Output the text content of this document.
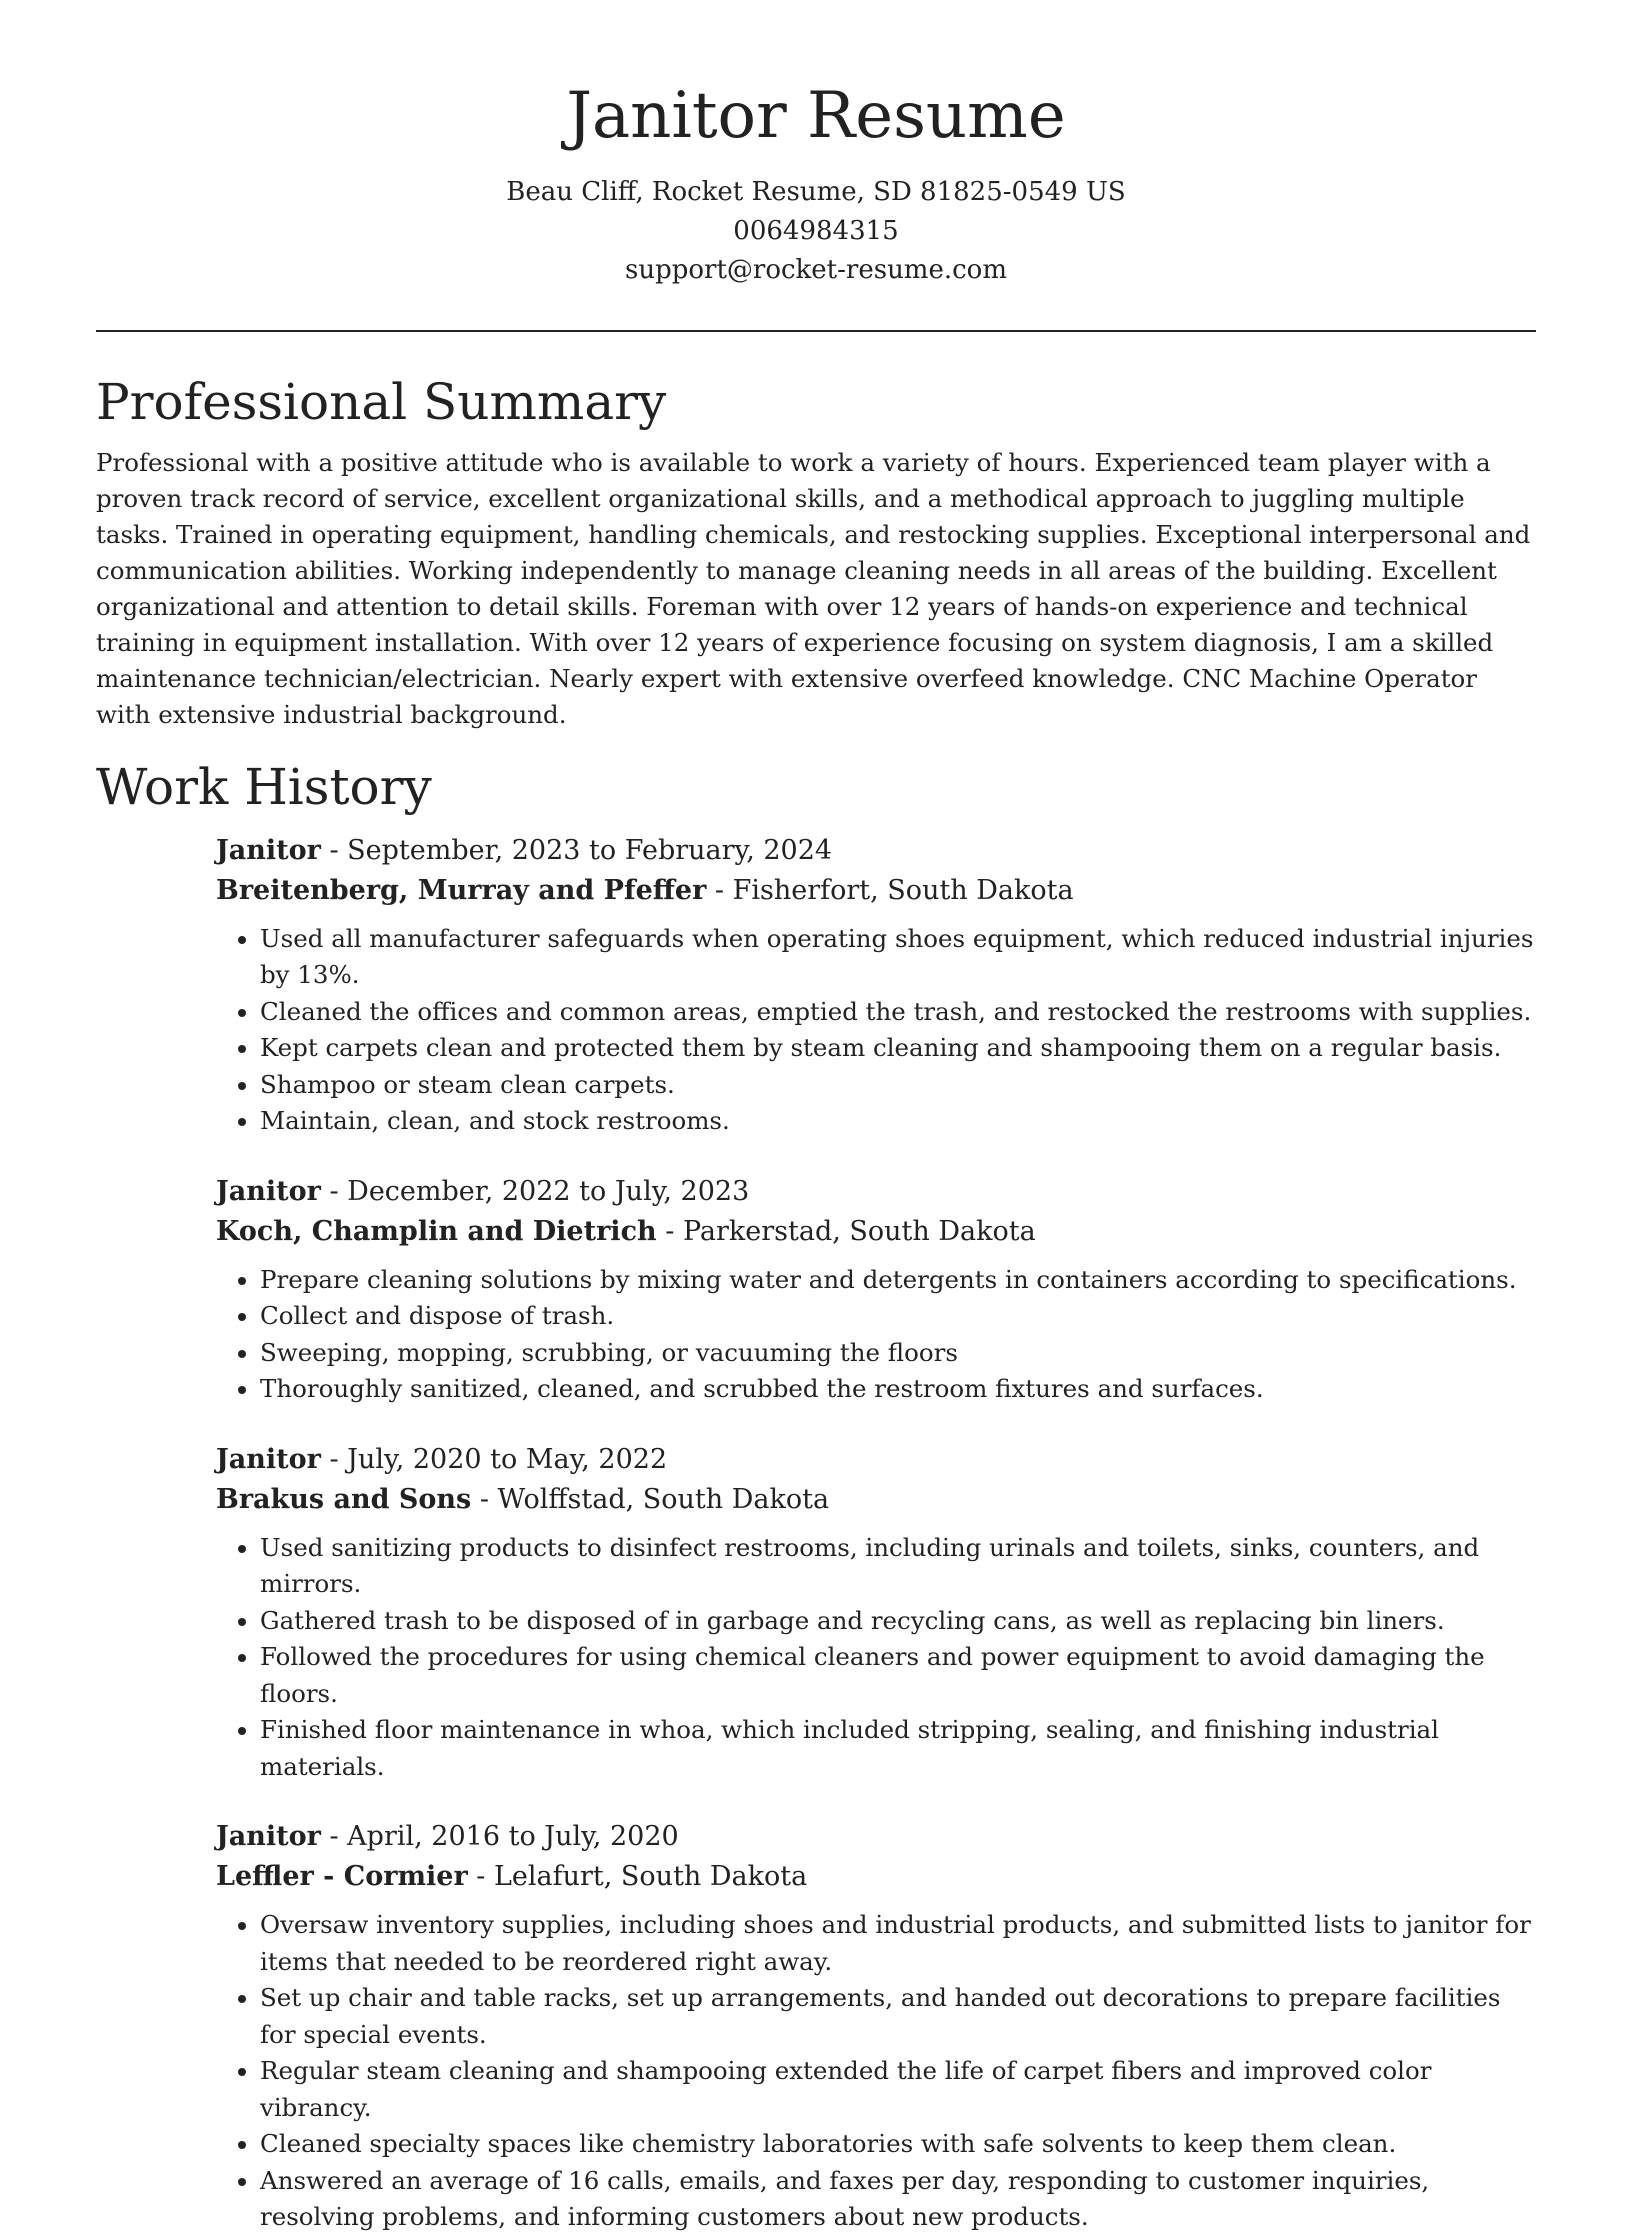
Janitor Resume
Beau Cliff, Rocket Resume, SD 81825-0549 US
0064984315
support@rocket-resume.com
Professional Summary

Professional with a positive attitude who is available to work a variety of hours. Experienced team player with a proven track record of service, excellent organizational skills, and a methodical approach to juggling multiple tasks. Trained in operating equipment, handling chemicals, and restocking supplies. Exceptional interpersonal and communication abilities. Working independently to manage cleaning needs in all areas of the building. Excellent organizational and attention to detail skills. Foreman with over 12 years of hands-on experience and technical training in equipment installation. With over 12 years of experience focusing on system diagnosis, I am a skilled maintenance technician/electrician. Nearly expert with extensive overfeed knowledge. CNC Machine Operator with extensive industrial background.

Work History

Janitor - September, 2023 to February, 2024

Breitenberg, Murray and Pfeffer - Fisherfort, South Dakota

• Used all manufacturer safeguards when operating shoes equipment, which reduced industrial injuries by 13%.
• Cleaned the offices and common areas, emptied the trash, and restocked the restrooms with supplies.
• Kept carpets clean and protected them by steam cleaning and shampooing them on a regular basis.
• Shampoo or steam clean carpets.
• Maintain, clean, and stock restrooms.

Janitor - December, 2022 to July, 2023

Koch, Champlin and Dietrich - Parkerstad, South Dakota

• Prepare cleaning solutions by mixing water and detergents in containers according to specifications.
• Collect and dispose of trash.
• Sweeping, mopping, scrubbing, or vacuuming the floors
• Thoroughly sanitized, cleaned, and scrubbed the restroom fixtures and surfaces.

Janitor - July, 2020 to May, 2022

Brakus and Sons - Wolffstad, South Dakota

• Used sanitizing products to disinfect restrooms, including urinals and toilets, sinks, counters, and mirrors.
• Gathered trash to be disposed of in garbage and recycling cans, as well as replacing bin liners.
• Followed the procedures for using chemical cleaners and power equipment to avoid damaging the floors.
• Finished floor maintenance in whoa, which included stripping, sealing, and finishing industrial materials.

Janitor - April, 2016 to July, 2020

Leffler - Cormier - Lelafurt, South Dakota

• Oversaw inventory supplies, including shoes and industrial products, and submitted lists to janitor for items that needed to be reordered right away.
• Set up chair and table racks, set up arrangements, and handed out decorations to prepare facilities for special events.
• Regular steam cleaning and shampooing extended the life of carpet fibers and improved color vibrancy.
• Cleaned specialty spaces like chemistry laboratories with safe solvents to keep them clean.
• Answered an average of 16 calls, emails, and faxes per day, responding to customer inquiries, resolving problems, and informing customers about new products.
